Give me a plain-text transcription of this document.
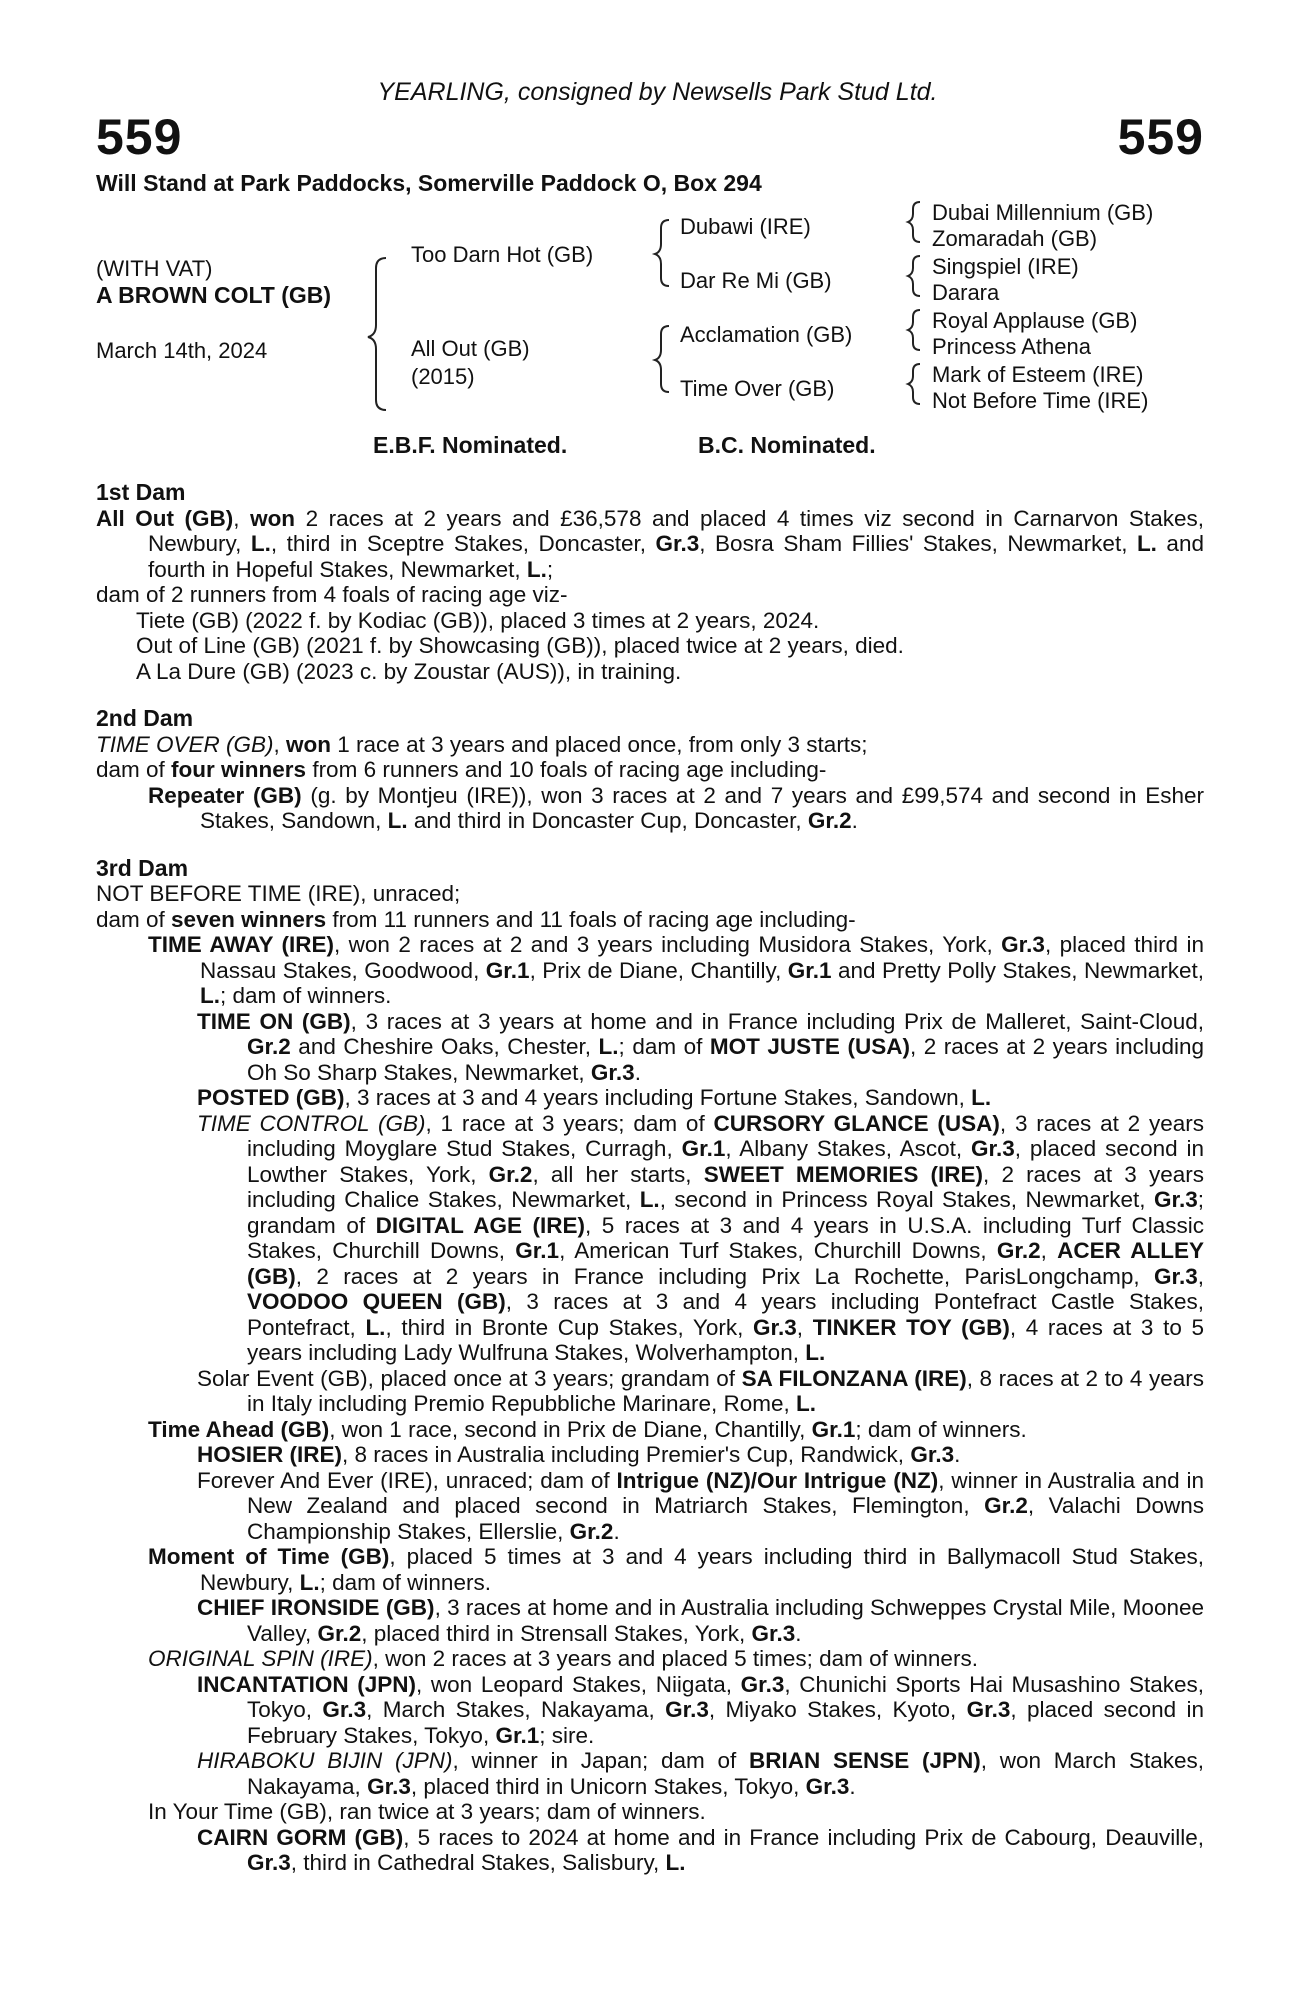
YEARLING, consigned by Newsells Park Stud Ltd.
559	559
Will Stand at Park Paddocks, Somerville Paddock O, Box 294
(WITH VAT)
A BROWN COLT (GB)
March 14th, 2024
Too Darn Hot (GB)
All Out (GB)
(2015)
Dubawi (IRE)
Dar Re Mi (GB)
Acclamation (GB)
Time Over (GB)
Dubai Millennium (GB)
Zomaradah (GB)
Singspiel (IRE)
Darara
Royal Applause (GB)
Princess Athena
Mark of Esteem (IRE)
Not Before Time (IRE)
E.B.F. Nominated.	B.C. Nominated.
1st Dam
All Out (GB), won 2 races at 2 years and £36,578 and placed 4 times viz second in Carnarvon Stakes, Newbury, L., third in Sceptre Stakes, Doncaster, Gr.3, Bosra Sham Fillies' Stakes, Newmarket, L. and fourth in Hopeful Stakes, Newmarket, L.;
dam of 2 runners from 4 foals of racing age viz-
Tiete (GB) (2022 f. by Kodiac (GB)), placed 3 times at 2 years, 2024.
Out of Line (GB) (2021 f. by Showcasing (GB)), placed twice at 2 years, died.
A La Dure (GB) (2023 c. by Zoustar (AUS)), in training.
2nd Dam
TIME OVER (GB), won 1 race at 3 years and placed once, from only 3 starts;
dam of four winners from 6 runners and 10 foals of racing age including-
Repeater (GB) (g. by Montjeu (IRE)), won 3 races at 2 and 7 years and £99,574 and second in Esher Stakes, Sandown, L. and third in Doncaster Cup, Doncaster, Gr.2.
3rd Dam
NOT BEFORE TIME (IRE), unraced;
dam of seven winners from 11 runners and 11 foals of racing age including-
TIME AWAY (IRE), won 2 races at 2 and 3 years including Musidora Stakes, York, Gr.3, placed third in Nassau Stakes, Goodwood, Gr.1, Prix de Diane, Chantilly, Gr.1 and Pretty Polly Stakes, Newmarket, L.; dam of winners.
TIME ON (GB), 3 races at 3 years at home and in France including Prix de Malleret, Saint-Cloud, Gr.2 and Cheshire Oaks, Chester, L.; dam of MOT JUSTE (USA), 2 races at 2 years including Oh So Sharp Stakes, Newmarket, Gr.3.
POSTED (GB), 3 races at 3 and 4 years including Fortune Stakes, Sandown, L.
TIME CONTROL (GB), 1 race at 3 years; dam of CURSORY GLANCE (USA), 3 races at 2 years including Moyglare Stud Stakes, Curragh, Gr.1, Albany Stakes, Ascot, Gr.3, placed second in Lowther Stakes, York, Gr.2, all her starts, SWEET MEMORIES (IRE), 2 races at 3 years including Chalice Stakes, Newmarket, L., second in Princess Royal Stakes, Newmarket, Gr.3; grandam of DIGITAL AGE (IRE), 5 races at 3 and 4 years in U.S.A. including Turf Classic Stakes, Churchill Downs, Gr.1, American Turf Stakes, Churchill Downs, Gr.2, ACER ALLEY (GB), 2 races at 2 years in France including Prix La Rochette, ParisLongchamp, Gr.3, VOODOO QUEEN (GB), 3 races at 3 and 4 years including Pontefract Castle Stakes, Pontefract, L., third in Bronte Cup Stakes, York, Gr.3, TINKER TOY (GB), 4 races at 3 to 5 years including Lady Wulfruna Stakes, Wolverhampton, L.
Solar Event (GB), placed once at 3 years; grandam of SA FILONZANA (IRE), 8 races at 2 to 4 years in Italy including Premio Repubbliche Marinare, Rome, L.
Time Ahead (GB), won 1 race, second in Prix de Diane, Chantilly, Gr.1; dam of winners.
HOSIER (IRE), 8 races in Australia including Premier's Cup, Randwick, Gr.3.
Forever And Ever (IRE), unraced; dam of Intrigue (NZ)/Our Intrigue (NZ), winner in Australia and in New Zealand and placed second in Matriarch Stakes, Flemington, Gr.2, Valachi Downs Championship Stakes, Ellerslie, Gr.2.
Moment of Time (GB), placed 5 times at 3 and 4 years including third in Ballymacoll Stud Stakes, Newbury, L.; dam of winners.
CHIEF IRONSIDE (GB), 3 races at home and in Australia including Schweppes Crystal Mile, Moonee Valley, Gr.2, placed third in Strensall Stakes, York, Gr.3.
ORIGINAL SPIN (IRE), won 2 races at 3 years and placed 5 times; dam of winners.
INCANTATION (JPN), won Leopard Stakes, Niigata, Gr.3, Chunichi Sports Hai Musashino Stakes, Tokyo, Gr.3, March Stakes, Nakayama, Gr.3, Miyako Stakes, Kyoto, Gr.3, placed second in February Stakes, Tokyo, Gr.1; sire.
HIRABOKU BIJIN (JPN), winner in Japan; dam of BRIAN SENSE (JPN), won March Stakes, Nakayama, Gr.3, placed third in Unicorn Stakes, Tokyo, Gr.3.
In Your Time (GB), ran twice at 3 years; dam of winners.
CAIRN GORM (GB), 5 races to 2024 at home and in France including Prix de Cabourg, Deauville, Gr.3, third in Cathedral Stakes, Salisbury, L.
